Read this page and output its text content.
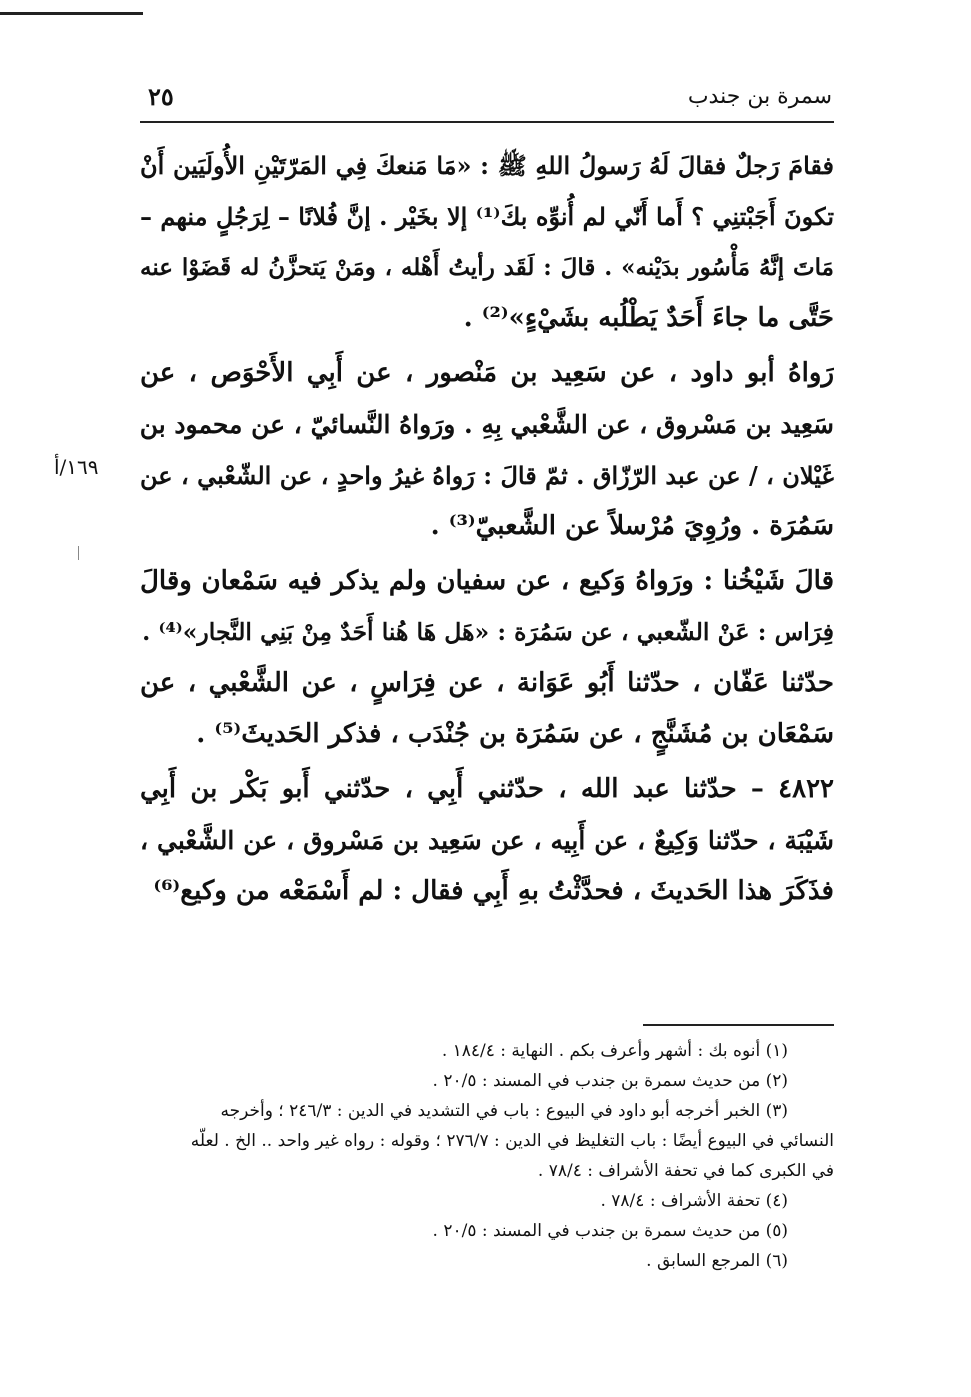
سمرة بن جندب
٢٥
١٦٩/أ
فقامَ رَجلٌ فقالَ لَهُ رَسولُ اللهِ ﷺ : «مَا مَنعكَ فِي المَرّتَيْنِ الأُولَيَين أَنْ
تكونَ أَجَبْتنِي ؟ أَما أَنّي لم أُنوِّه بكَ⁽¹⁾ إلا بخَيْر . إنَّ فُلانًا – لِرَجُلٍ منهم –
مَاتَ إنَّهُ مَأْسُور بدَيْنه» . قالَ : لَقَد رأيتُ أَهْله ، ومَنْ يَتحزَّنُ له قَضَوْا عنه
حَتَّى ما جاءَ أَحَدٌ يَطْلُبه بشَيْءٍ»⁽²⁾ .
رَواهُ أبو داود ، عن سَعِيد بن مَنْصور ، عن أَبِي الأَحْوَص ، عن
سَعِيد بن مَسْروق ، عن الشَّعْبي بِهِ . ورَواهُ النَّسائيّ ، عن محمود بن
غَيْلان ، / عن عبد الرّزّاق . ثمّ قالَ : رَواهُ غيرُ واحدٍ ، عن الشّعْبي ، عن
سَمُرَة . ورُوِيَ مُرْسلاً عن الشَّعبيّ⁽³⁾ .
قالَ شَيْخُنا : ورَواهُ وَكيع ، عن سفيان ولم يذكر فيه سَمْعان وقالَ
فِرَاس : عَنْ الشّعبي ، عن سَمُرَة : «هَل هَا هُنا أَحَدٌ مِنْ بَنِي النَّجار»⁽⁴⁾ .
حدّثنا عَفّان ، حدّثنا أَبُو عَوَانة ، عن فِرَاسٍ ، عن الشَّعْبي ، عن
سَمْعَان بن مُشَنَّجٍ ، عن سَمُرَة بن جُنْدَب ، فذكر الحَديثَ⁽⁵⁾ .
٤٨٢٢ – حدّثنا عبد الله ، حدّثني أَبِي ، حدّثني أَبو بَكْر بن أَبِي
شَيْبَة ، حدّثنا وَكِيعٌ ، عن أَبِيه ، عن سَعِيد بن مَسْروق ، عن الشَّعْبي ،
فذَكَرَ هذا الحَديثَ ، فحدَّثْتُ بهِ أَبِي فقال : لم أَسْمَعْه من وكيع⁽⁶⁾
(١) أنوه بك : أشهر وأعرف بكم . النهاية : ١٨٤/٤ .
(٢) من حديث سمرة بن جندب في المسند : ٢٠/٥ .
(٣) الخبر أخرجه أبو داود في البيوع : باب في التشديد في الدين : ٢٤٦/٣ ؛ وأخرجه
النسائي في البيوع أيضًا : باب التغليظ في الدين : ٢٧٦/٧ ؛ وقوله : رواه غير واحد .. الخ . لعلّه
في الكبرى كما في تحفة الأشراف : ٧٨/٤ .
(٤) تحفة الأشراف : ٧٨/٤ .
(٥) من حديث سمرة بن جندب في المسند : ٢٠/٥ .
(٦) المرجع السابق .
